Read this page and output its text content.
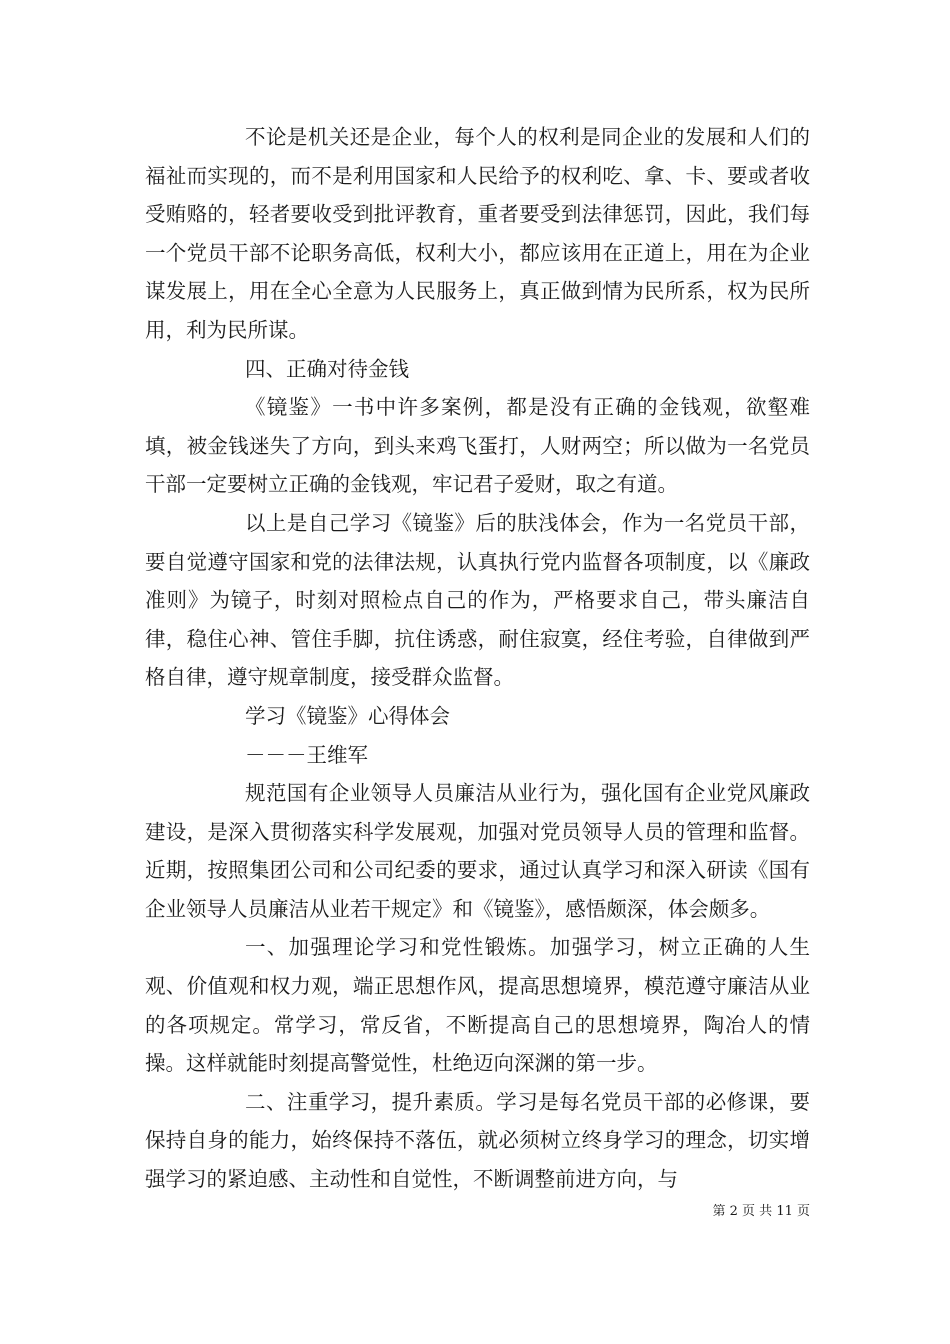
不论是机关还是企业，每个人的权利是同企业的发展和人们的福祉而实现的，而不是利用国家和人民给予的权利吃、拿、卡、要或者收受贿赂的，轻者要收受到批评教育，重者要受到法律惩罚，因此，我们每一个党员干部不论职务高低，权利大小，都应该用在正道上，用在为企业谋发展上，用在全心全意为人民服务上，真正做到情为民所系，权为民所用，利为民所谋。

四、正确对待金钱

《镜鉴》一书中许多案例，都是没有正确的金钱观，欲壑难填，被金钱迷失了方向，到头来鸡飞蛋打，人财两空；所以做为一名党员干部一定要树立正确的金钱观，牢记君子爱财，取之有道。

以上是自己学习《镜鉴》后的肤浅体会，作为一名党员干部，要自觉遵守国家和党的法律法规，认真执行党内监督各项制度，以《廉政准则》为镜子，时刻对照检点自己的作为，严格要求自己，带头廉洁自律，稳住心神、管住手脚，抗住诱惑，耐住寂寞，经住考验，自律做到严格自律，遵守规章制度，接受群众监督。

学习《镜鉴》心得体会

－－－王维军

规范国有企业领导人员廉洁从业行为，强化国有企业党风廉政建设，是深入贯彻落实科学发展观，加强对党员领导人员的管理和监督。近期，按照集团公司和公司纪委的要求，通过认真学习和深入研读《国有企业领导人员廉洁从业若干规定》和《镜鉴》，感悟颇深，体会颇多。

一、加强理论学习和党性锻炼。加强学习，树立正确的人生观、价值观和权力观，端正思想作风，提高思想境界，模范遵守廉洁从业的各项规定。常学习，常反省，不断提高自己的思想境界，陶冶人的情操。这样就能时刻提高警觉性，杜绝迈向深渊的第一步。

二、注重学习，提升素质。学习是每名党员干部的必修课，要保持自身的能力，始终保持不落伍，就必须树立终身学习的理念，切实增强学习的紧迫感、主动性和自觉性，不断调整前进方向，与

第 2 页 共 11 页
